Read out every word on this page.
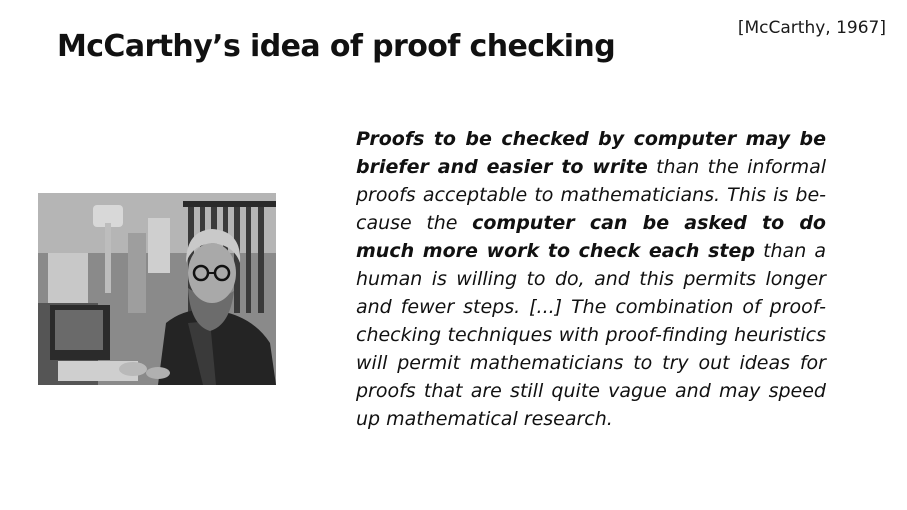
McCarthy’s idea of proof checking
[McCarthy, 1967]

Proofs to be checked by computer may be briefer and easier to write than the informal proofs acceptable to mathematicians. This is because the computer can be asked to do much more work to check each step than a human is willing to do, and this permits longer and fewer steps. [...] The combination of proof-checking techniques with proof-finding heuristics will permit mathematicians to try out ideas for proofs that are still quite vague and may speed up mathematical research.
